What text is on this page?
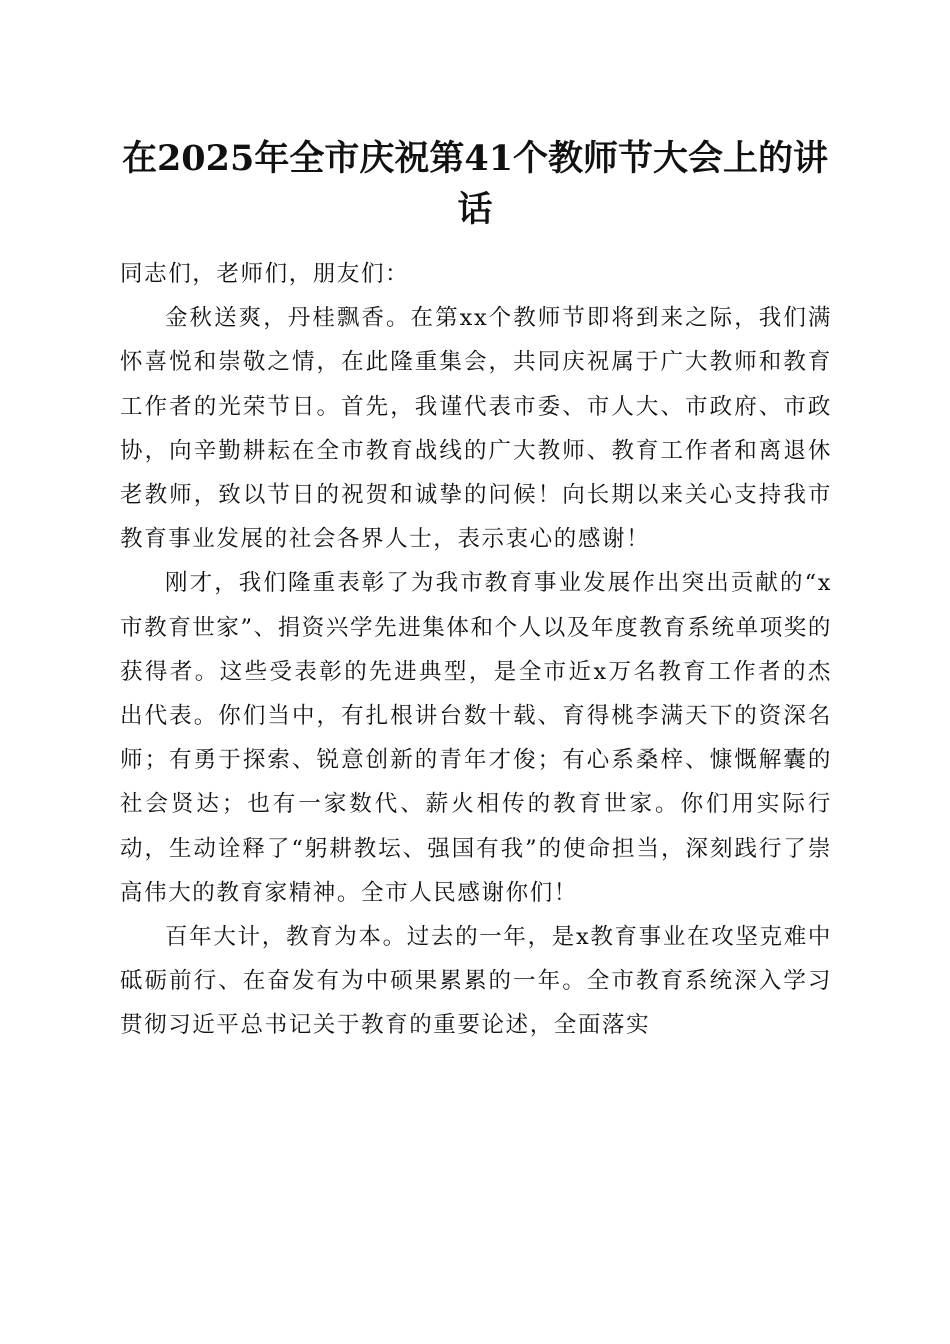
在2025年全市庆祝第41个教师节大会上的讲话

同志们，老师们，朋友们：

金秋送爽，丹桂飘香。在第xx个教师节即将到来之际，我们满怀喜悦和崇敬之情，在此隆重集会，共同庆祝属于广大教师和教育工作者的光荣节日。首先，我谨代表市委、市人大、市政府、市政协，向辛勤耕耘在全市教育战线的广大教师、教育工作者和离退休老教师，致以节日的祝贺和诚挚的问候！向长期以来关心支持我市教育事业发展的社会各界人士，表示衷心的感谢！

刚才，我们隆重表彰了为我市教育事业发展作出突出贡献的“x市教育世家”、捐资兴学先进集体和个人以及年度教育系统单项奖的获得者。这些受表彰的先进典型，是全市近x万名教育工作者的杰出代表。你们当中，有扎根讲台数十载、育得桃李满天下的资深名师；有勇于探索、锐意创新的青年才俊；有心系桑梓、慷慨解囊的社会贤达；也有一家数代、薪火相传的教育世家。你们用实际行动，生动诠释了“躬耕教坛、强国有我”的使命担当，深刻践行了崇高伟大的教育家精神。全市人民感谢你们！

百年大计，教育为本。过去的一年，是x教育事业在攻坚克难中砥砺前行、在奋发有为中硕果累累的一年。全市教育系统深入学习贯彻习近平总书记关于教育的重要论述，全面落实
